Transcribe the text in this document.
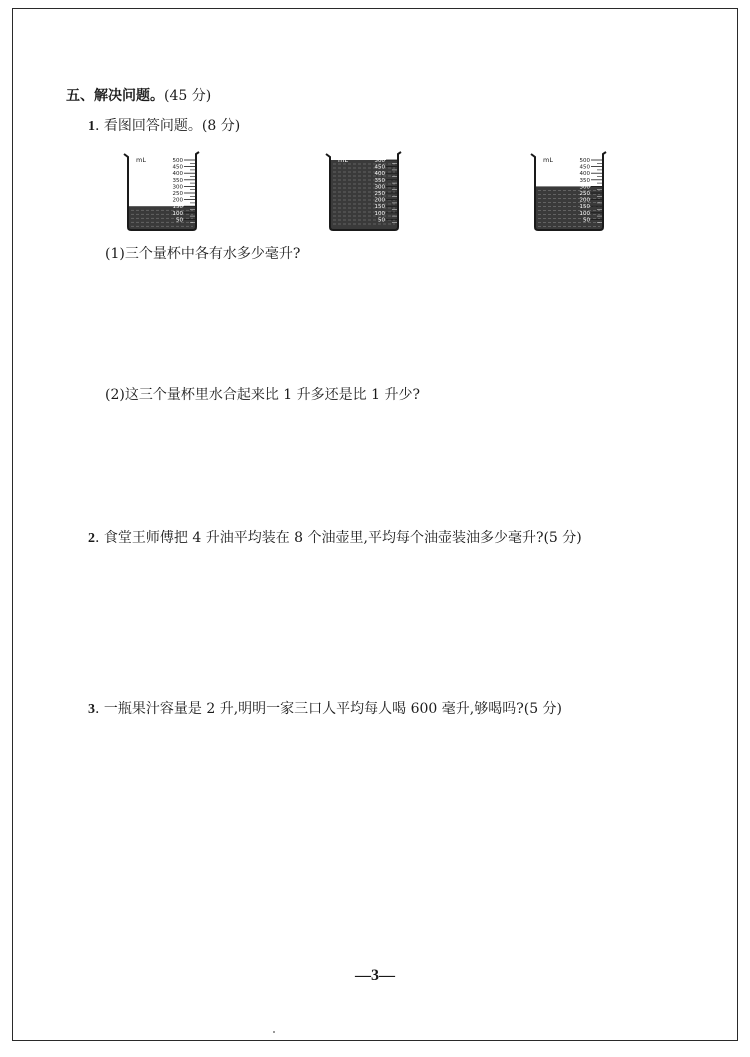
五、解决问题。(45 分)
1. 看图回答问题。(8 分)
mL	500
450
400
350
300
250
200
150
100
50
mL	500
450
400
350
300
250
200
150
100
50
mL	500
450
400
350
300
250
200
150
100
50
(1)三个量杯中各有水多少毫升?
(2)这三个量杯里水合起来比 1 升多还是比 1 升少?
2. 食堂王师傅把 4 升油平均装在 8 个油壶里,平均每个油壶装油多少毫升?(5 分)
3. 一瓶果汁容量是 2 升,明明一家三口人平均每人喝 600 毫升,够喝吗?(5 分)
—3—
